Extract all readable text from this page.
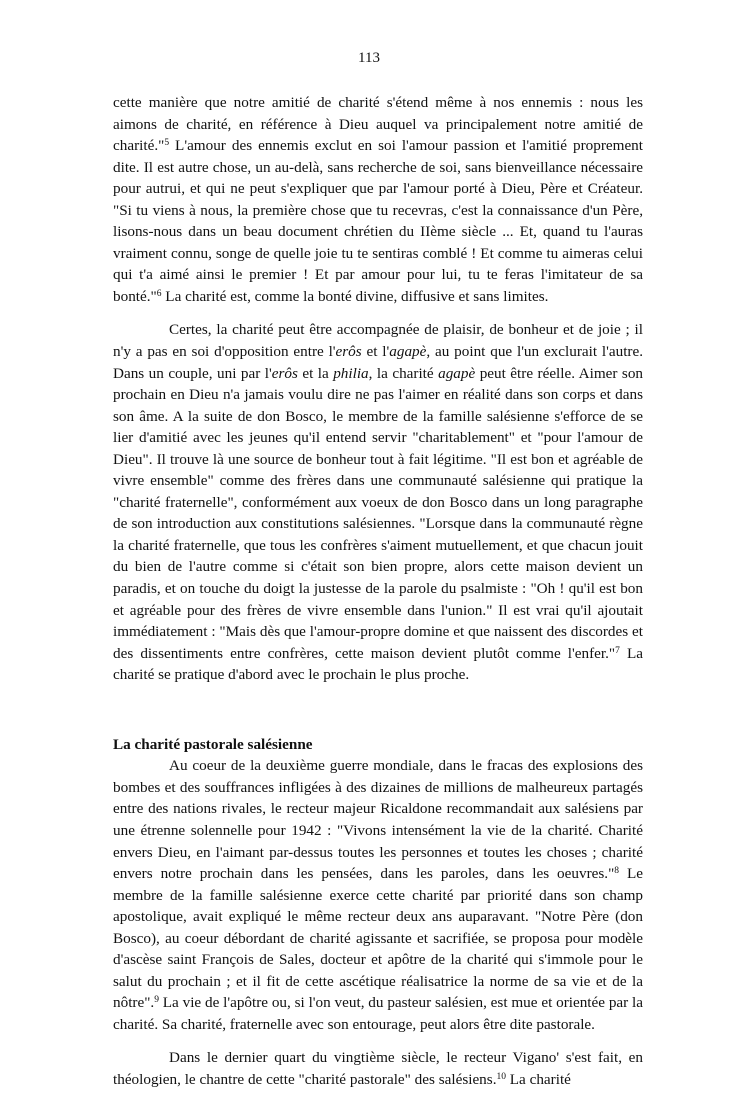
113

cette manière que notre amitié de charité s'étend même à nos ennemis : nous les aimons de charité, en référence à Dieu auquel va principalement notre amitié de charité."$^5$ L'amour des ennemis exclut en soi l'amour passion et l'amitié proprement dite. Il est autre chose, un au-delà, sans recherche de soi, sans bienveillance nécessaire pour autrui, et qui ne peut s'expliquer que par l'amour porté à Dieu, Père et Créateur. "Si tu viens à nous, la première chose que tu recevras, c'est la connaissance d'un Père, lisons-nous dans un beau document chrétien du IIème siècle ... Et, quand tu l'auras vraiment connu, songe de quelle joie tu te sentiras comblé ! Et comme tu aimeras celui qui t'a aimé ainsi le premier ! Et par amour pour lui, tu te feras l'imitateur de sa bonté."$^6$ La charité est, comme la bonté divine, diffusive et sans limites.

Certes, la charité peut être accompagnée de plaisir, de bonheur et de joie ; il n'y a pas en soi d'opposition entre l'erôs et l'agapè, au point que l'un exclurait l'autre. Dans un couple, uni par l'erôs et la philia, la charité agapè peut être réelle. Aimer son prochain en Dieu n'a jamais voulu dire ne pas l'aimer en réalité dans son corps et dans son âme. A la suite de don Bosco, le membre de la famille salésienne s'efforce de se lier d'amitié avec les jeunes qu'il entend servir "charitablement" et "pour l'amour de Dieu". Il trouve là une source de bonheur tout à fait légitime. "Il est bon et agréable de vivre ensemble" comme des frères dans une communauté salésienne qui pratique la "charité fraternelle", conformément aux voeux de don Bosco dans un long paragraphe de son introduction aux constitutions salésiennes. "Lorsque dans la communauté règne la charité fraternelle, que tous les confrères s'aiment mutuellement, et que chacun jouit du bien de l'autre comme si c'était son bien propre, alors cette maison devient un paradis, et on touche du doigt la justesse de la parole du psalmiste : "Oh ! qu'il est bon et agréable pour des frères de vivre ensemble dans l'union." Il est vrai qu'il ajoutait immédiatement : "Mais dès que l'amour-propre domine et que naissent des discordes et des dissentiments entre confrères, cette maison devient plutôt comme l'enfer."$^7$ La charité se pratique d'abord avec le prochain le plus proche.

La charité pastorale salésienne

Au coeur de la deuxième guerre mondiale, dans le fracas des explosions des bombes et des souffrances infligées à des dizaines de millions de malheureux partagés entre des nations rivales, le recteur majeur Ricaldone recommandait aux salésiens par une étrenne solennelle pour 1942 : "Vivons intensément la vie de la charité. Charité envers Dieu, en l'aimant par-dessus toutes les personnes et toutes les choses ; charité envers notre prochain dans les pensées, dans les paroles, dans les oeuvres."$^8$ Le membre de la famille salésienne exerce cette charité par priorité dans son champ apostolique, avait expliqué le même recteur deux ans auparavant. "Notre Père (don Bosco), au coeur débordant de charité agissante et sacrifiée, se proposa pour modèle d'ascèse saint François de Sales, docteur et apôtre de la charité qui s'immole pour le salut du prochain ; et il fit de cette ascétique réalisatrice la norme de sa vie et de la nôtre".$^9$ La vie de l'apôtre ou, si l'on veut, du pasteur salésien, est mue et orientée par la charité. Sa charité, fraternelle avec son entourage, peut alors être dite pastorale.

Dans le dernier quart du vingtième siècle, le recteur Vigano' s'est fait, en théologien, le chantre de cette "charité pastorale" des salésiens.$^{10}$ La charité
